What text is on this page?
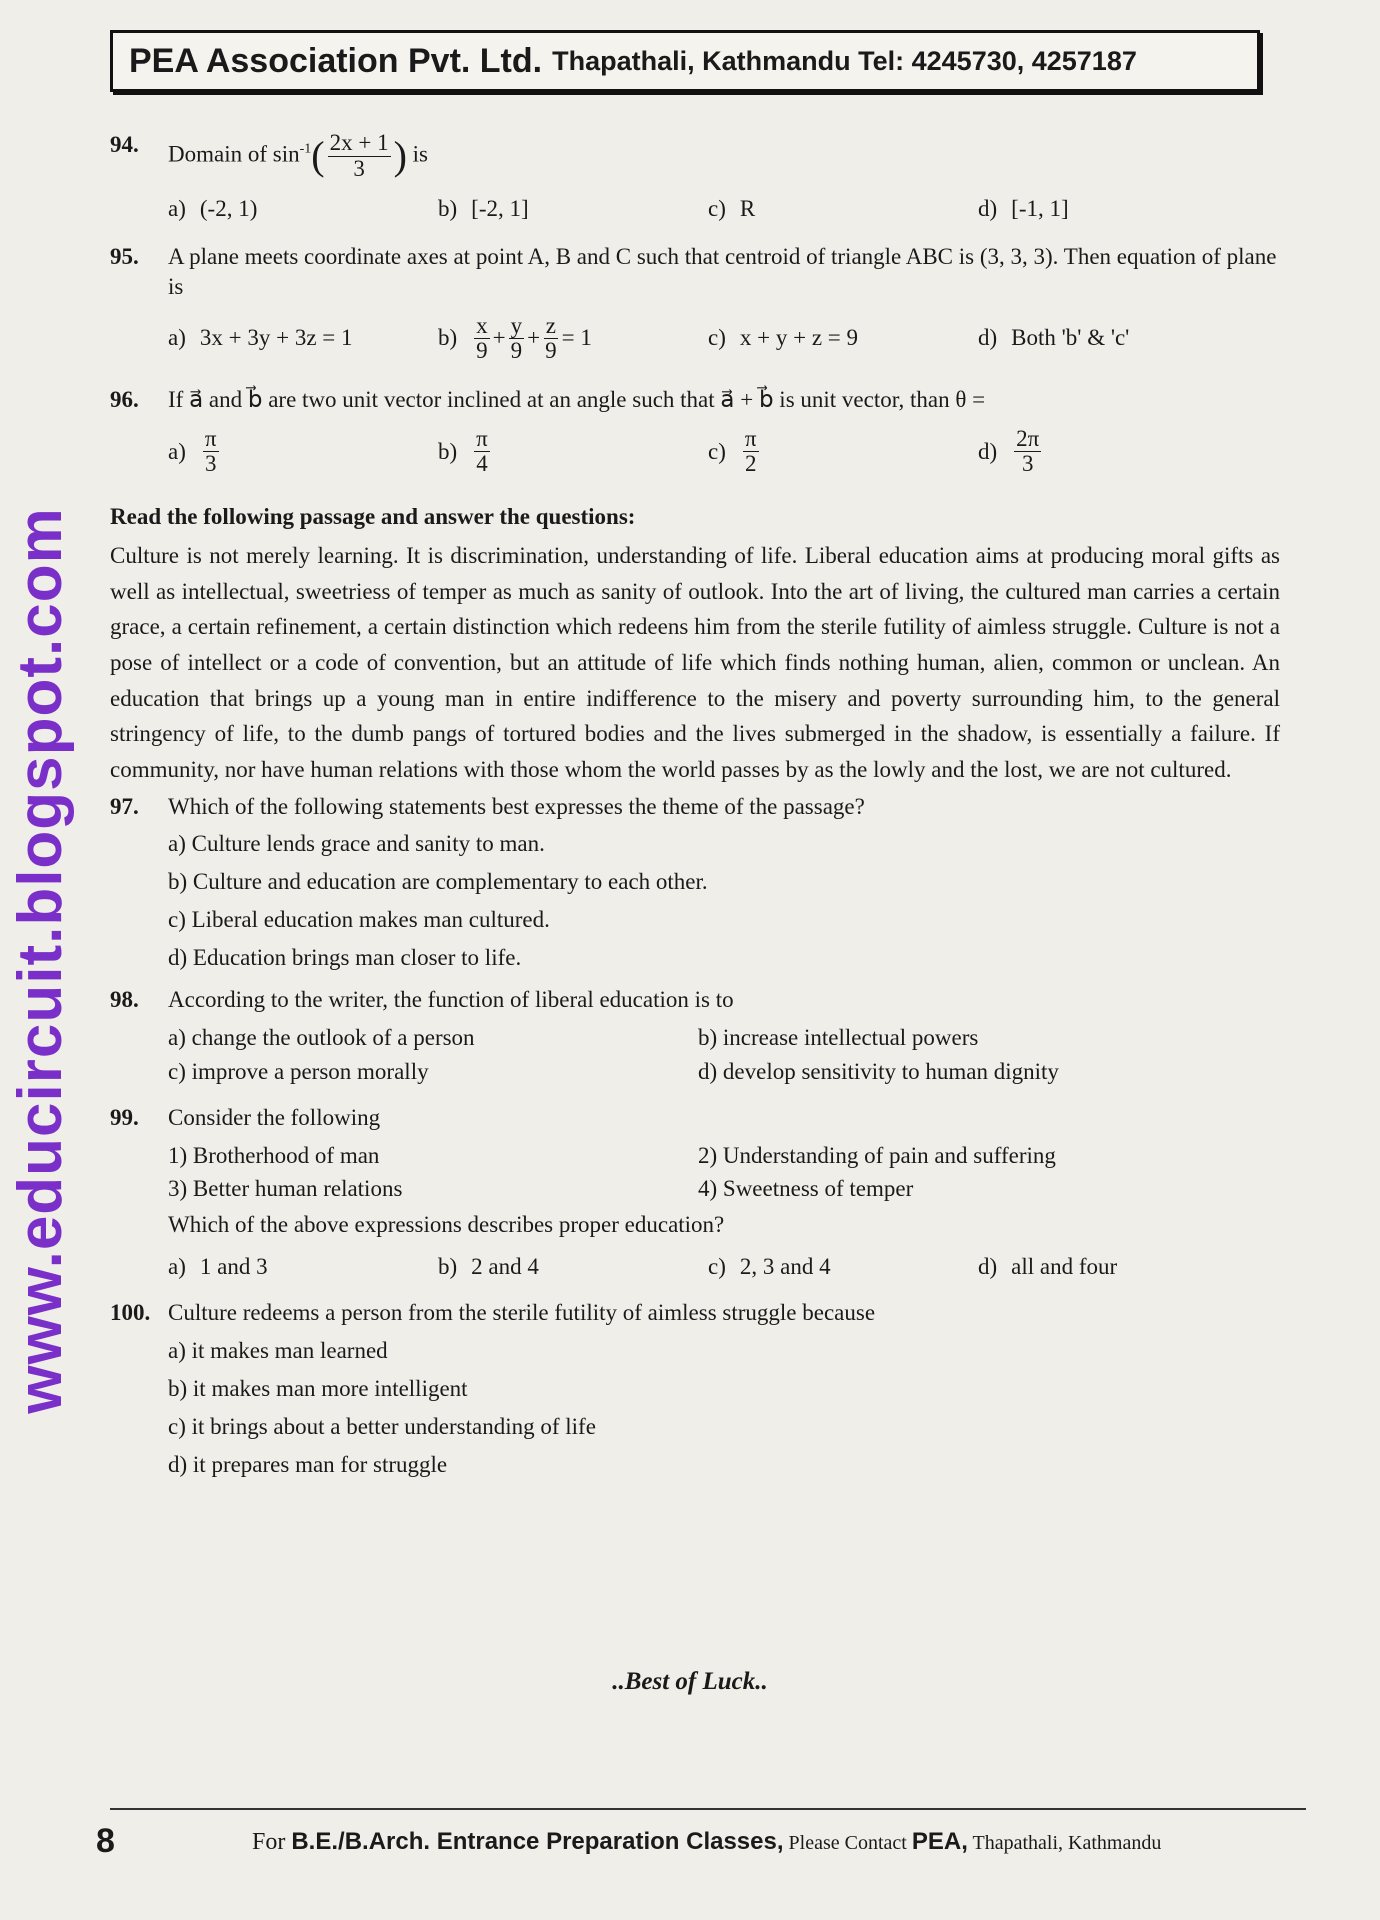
www.educircuit.blogspot.com
PEA Association Pvt. Ltd. Thapathali, Kathmandu Tel: 4245730, 4257187
94.	Domain of $\sin^{-1}( \frac{2x + 1}{3}$ ) is
a) (-2, 1)	b) [-2, 1]	c) R	d) [-1, 1]
95.	A plane meets coordinate axes at point A, B and C such that centroid of triangle ABC is (3, 3, 3). Then equation of plane is
a) 3x + 3y + 3z = 1	$b) \frac{x}{9} + \frac{y}{9} + \frac{z}{9} = 1$	c) x + y + z = 9	d) Both 'b' & 'c'
96.	If a⃗ and b⃗ are two unit vector inclined at an angle such that a⃗ + b⃗ is unit vector, than θ =
$a) \frac{\pi}{3}$	$b) \frac{\pi}{4}$	$c) \frac{\pi}{2}$	$d) \frac{2\pi}{3}$
Read the following passage and answer the questions:
Culture is not merely learning. It is discrimination, understanding of life. Liberal education aims at producing moral gifts as well as intellectual, sweetriess of temper as much as sanity of outlook. Into the art of living, the cultured man carries a certain grace, a certain refinement, a certain distinction which redeens him from the sterile futility of aimless struggle. Culture is not a pose of intellect or a code of convention, but an attitude of life which finds nothing human, alien, common or unclean. An education that brings up a young man in entire indifference to the misery and poverty surrounding him, to the general stringency of life, to the dumb pangs of tortured bodies and the lives submerged in the shadow, is essentially a failure. If community, nor have human relations with those whom the world passes by as the lowly and the lost, we are not cultured.
97.	Which of the following statements best expresses the theme of the passage?
a) Culture lends grace and sanity to man.
b) Culture and education are complementary to each other.
c) Liberal education makes man cultured.
d) Education brings man closer to life.
98.	According to the writer, the function of liberal education is to
a) change the outlook of a person	b) increase intellectual powers
c) improve a person morally	d) develop sensitivity to human dignity
99.	Consider the following
1) Brotherhood of man	2) Understanding of pain and suffering
3) Better human relations	4) Sweetness of temper
Which of the above expressions describes proper education?
a) 1 and 3	b) 2 and 4	c) 2, 3 and 4	d) all and four
100. Culture redeems a person from the sterile futility of aimless struggle because
a) it makes man learned
b) it makes man more intelligent
c) it brings about a better understanding of life
d) it prepares man for struggle
..Best of Luck..
8	For B.E./B.Arch. Entrance Preparation Classes, Please Contact PEA, Thapathali, Kathmandu
